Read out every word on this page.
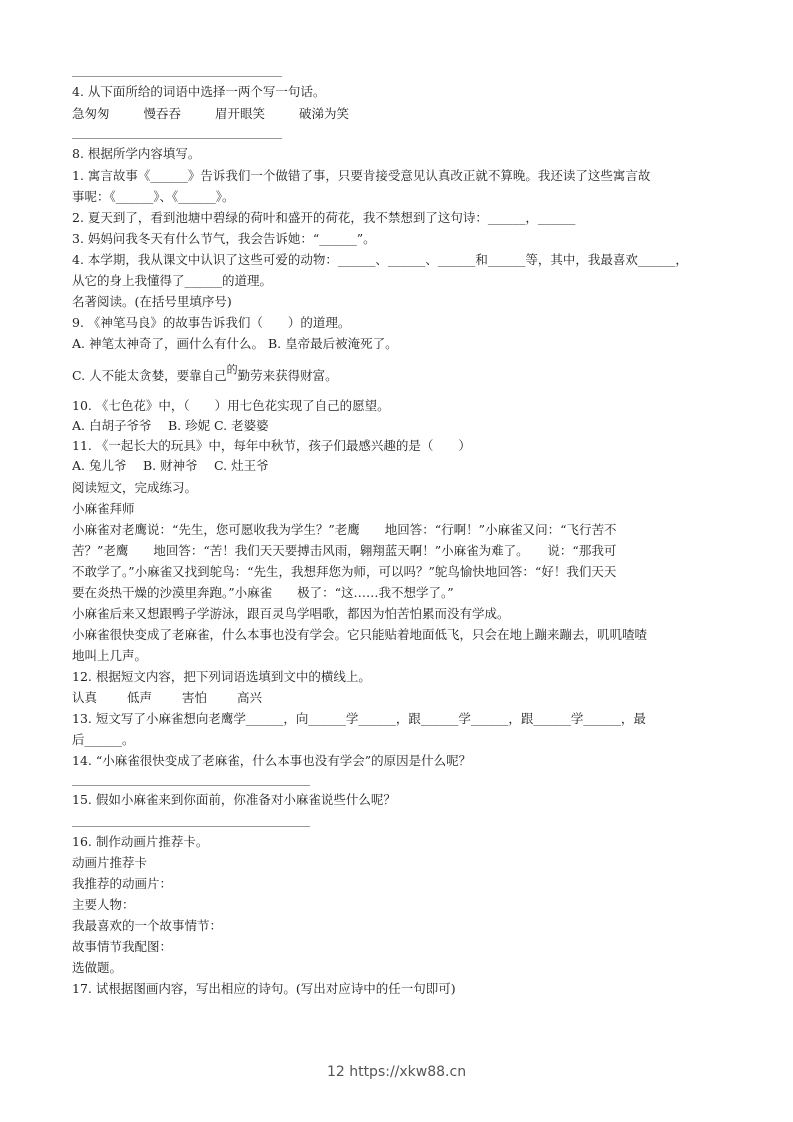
4. 从下面所给的词语中选择一两个写一句话。
急匆匆	慢吞吞	眉开眼笑	破涕为笑
8. 根据所学内容填写。
1. 寓言故事《______》告诉我们一个做错了事，只要肯接受意见认真改正就不算晚。我还读了这些寓言故
事呢：《______》、《______》。
2. 夏天到了，看到池塘中碧绿的荷叶和盛开的荷花，我不禁想到了这句诗：______，______
3. 妈妈问我冬天有什么节气，我会告诉她：“______”。
4. 本学期，我从课文中认识了这些可爱的动物：______、______、______和______等，其中，我最喜欢______，
从它的身上我懂得了______的道理。
名著阅读。(在括号里填序号)
9. 《神笔马良》的故事告诉我们（　　）的道理。
A. 神笔太神奇了，画什么有什么。 B. 皇帝最后被淹死了。
C. 人不能太贪婪，要靠自己的勤劳来获得财富。
10. 《七色花》中，（　　）用七色花实现了自己的愿望。
A. 白胡子爷爷　 B. 珍妮 C. 老婆婆
11. 《一起长大的玩具》中，每年中秋节，孩子们最感兴趣的是（　　）
A. 兔儿爷　 B. 财神爷　 C. 灶王爷
阅读短文，完成练习。
小麻雀拜师
小麻雀对老鹰说：“先生，您可愿收我为学生？”老鹰　　地回答：“行啊！”小麻雀又问：“飞行苦不
苦？”老鹰　　地回答：“苦！我们天天要搏击风雨，翱翔蓝天啊！”小麻雀为难了。　　说：“那我可
不敢学了。”小麻雀又找到鸵鸟：“先生，我想拜您为师，可以吗？”鸵鸟愉快地回答：“好！我们天天
要在炎热干燥的沙漠里奔跑。”小麻雀　　极了：“这……我不想学了。”
小麻雀后来又想跟鸭子学游泳，跟百灵鸟学唱歌，都因为怕苦怕累而没有学成。
小麻雀很快变成了老麻雀，什么本事也没有学会。它只能贴着地面低飞，只会在地上蹦来蹦去，叽叽喳喳
地叫上几声。
12. 根据短文内容，把下列词语选填到文中的横线上。
认真 低声 害怕 高兴
13. 短文写了小麻雀想向老鹰学______，向______学______，跟______学______，跟______学______，最
后______。
14. “小麻雀很快变成了老麻雀，什么本事也没有学会”的原因是什么呢？
15. 假如小麻雀来到你面前，你准备对小麻雀说些什么呢？
16. 制作动画片推荐卡。
动画片推荐卡
我推荐的动画片：
主要人物：
我最喜欢的一个故事情节：
故事情节我配图：
选做题。
17. 试根据图画内容，写出相应的诗句。(写出对应诗中的任一句即可)
12 https://xkw88.cn
